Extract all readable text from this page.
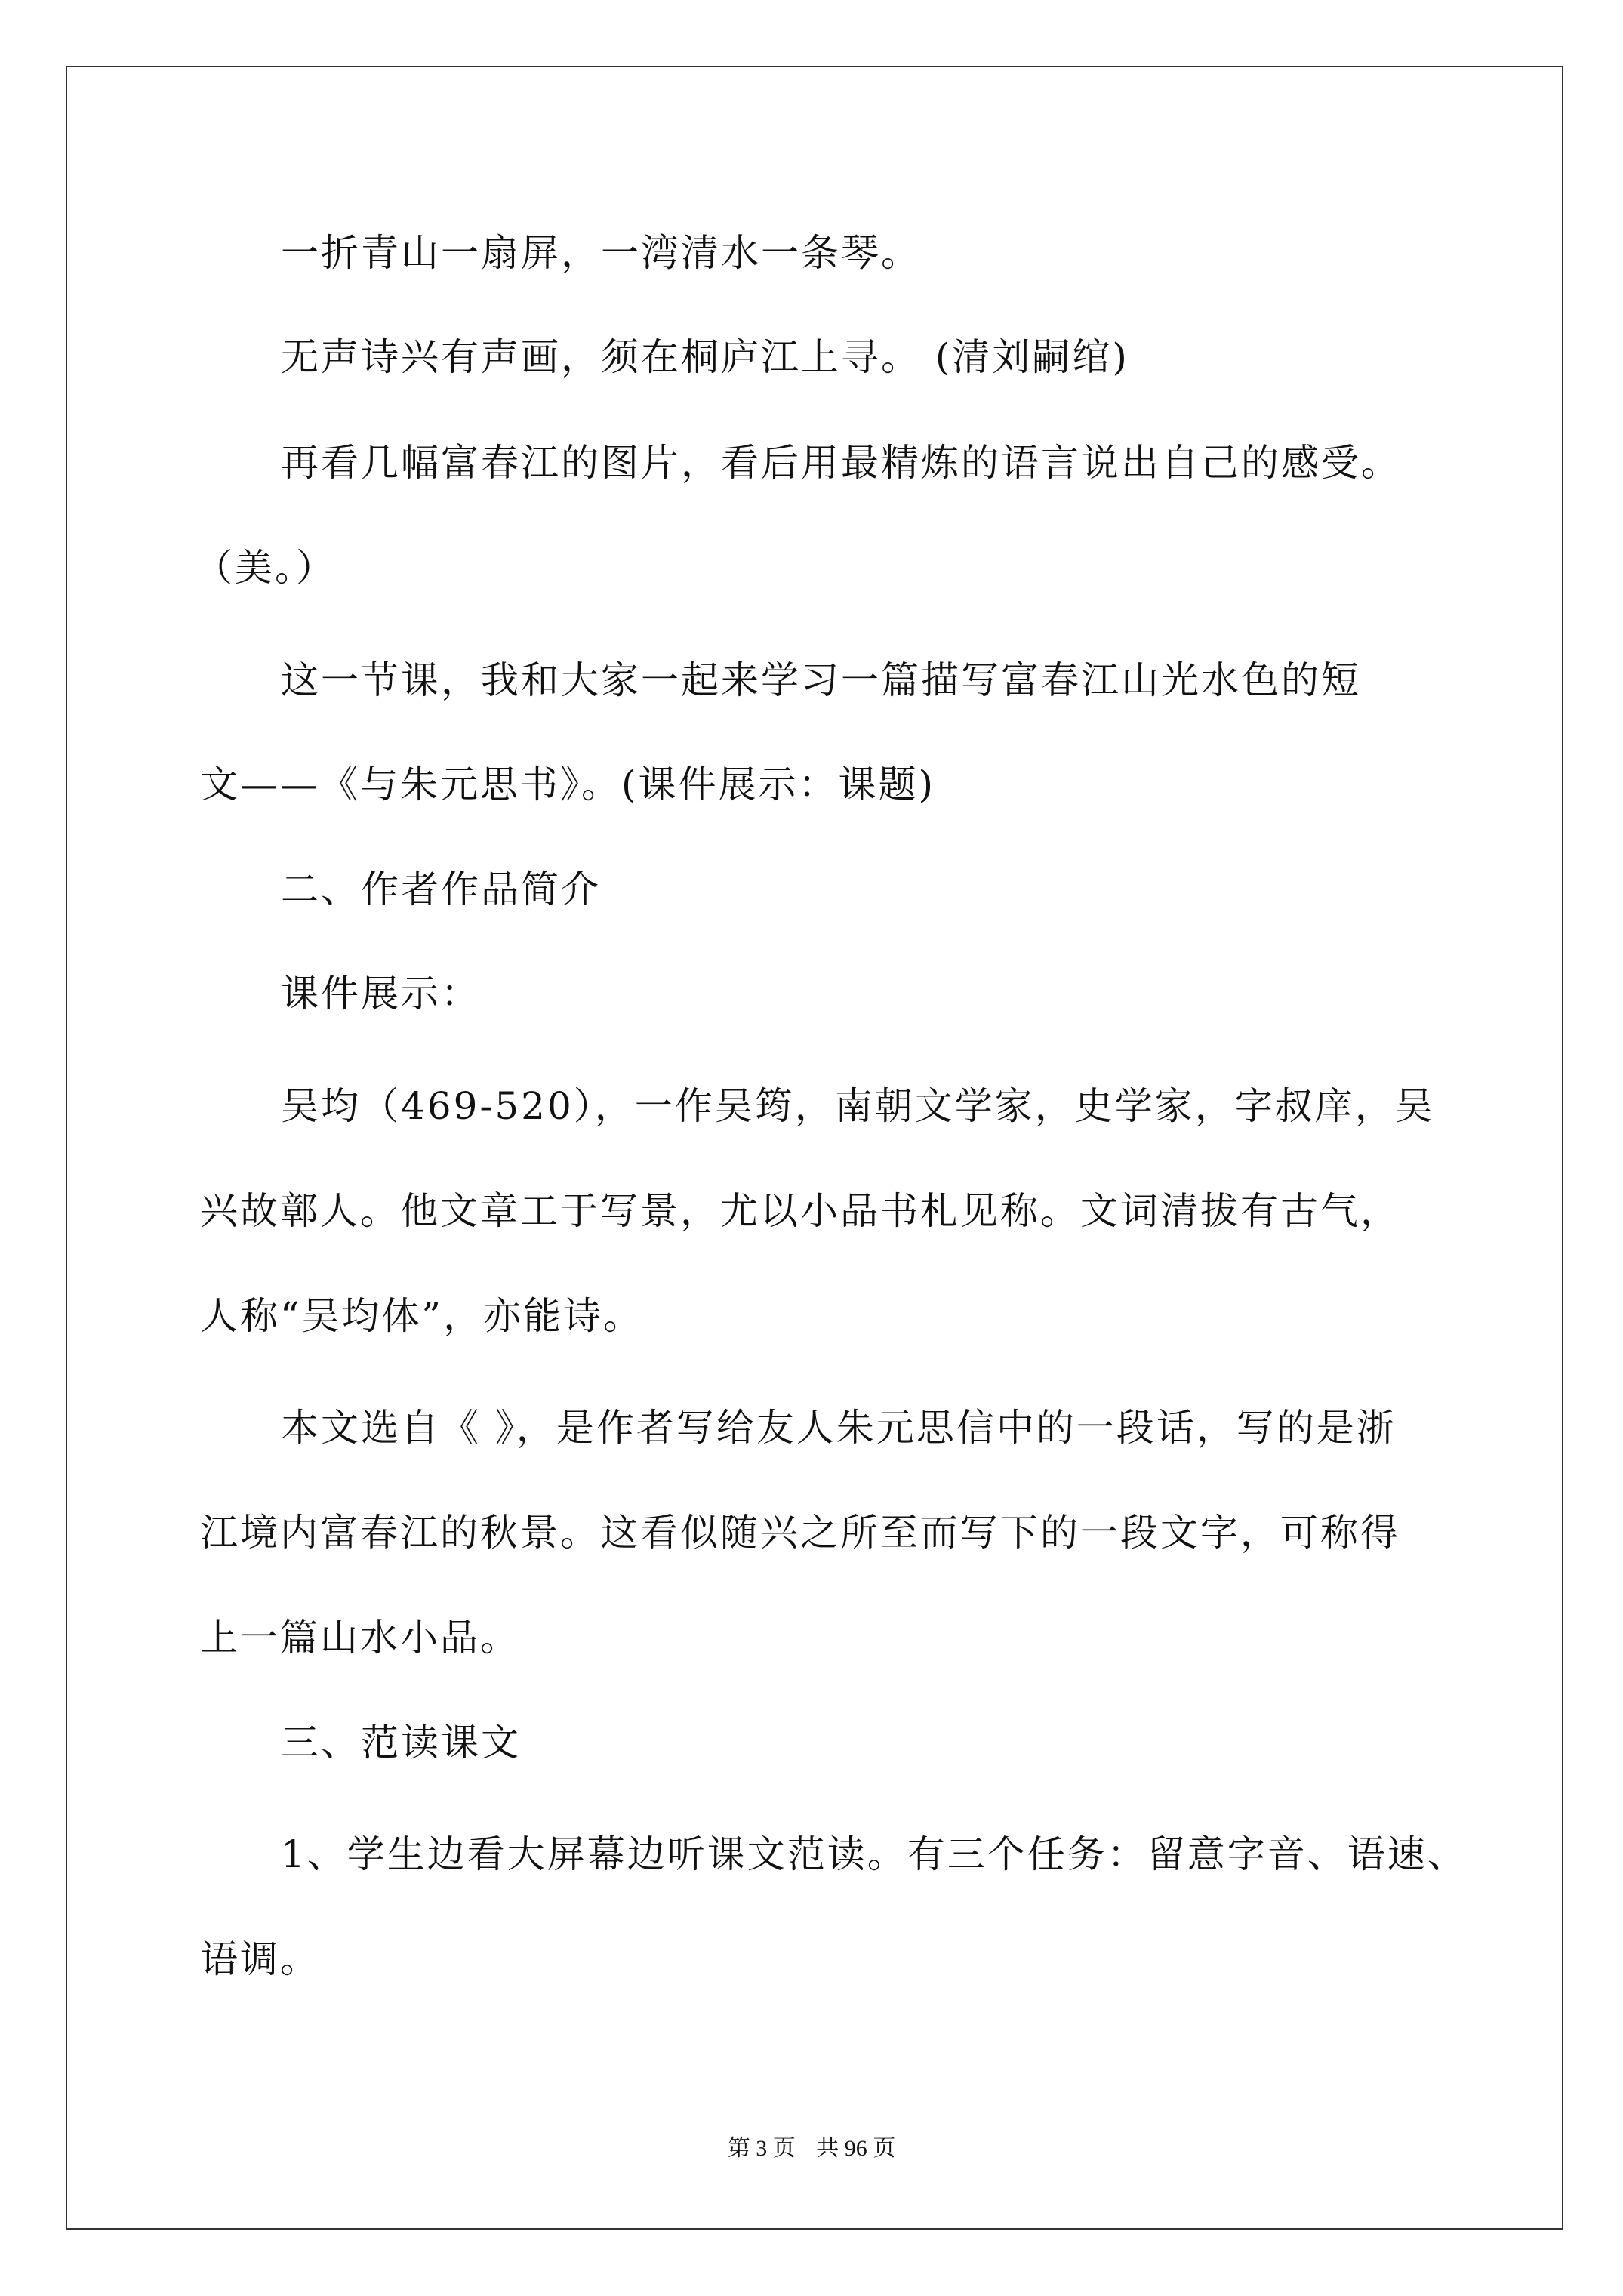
一折青山一扇屏，一湾清水一条琴。

无声诗兴有声画，须在桐庐江上寻。 (清刘嗣绾)

再看几幅富春江的图片，看后用最精炼的语言说出自己的感受。

（美。）

这一节课，我和大家一起来学习一篇描写富春江山光水色的短

文——《与朱元思书》。(课件展示：课题)

二、作者作品简介

课件展示：

吴均（469-520），一作吴筠，南朝文学家，史学家，字叔庠，吴

兴故鄣人。他文章工于写景，尤以小品书札见称。文词清拔有古气，

人称“吴均体”，亦能诗。

本文选自《 》，是作者写给友人朱元思信中的一段话，写的是浙

江境内富春江的秋景。这看似随兴之所至而写下的一段文字，可称得

上一篇山水小品。

三、范读课文

1、学生边看大屏幕边听课文范读。有三个任务：留意字音、语速、

语调。

第 3 页 共 96 页
